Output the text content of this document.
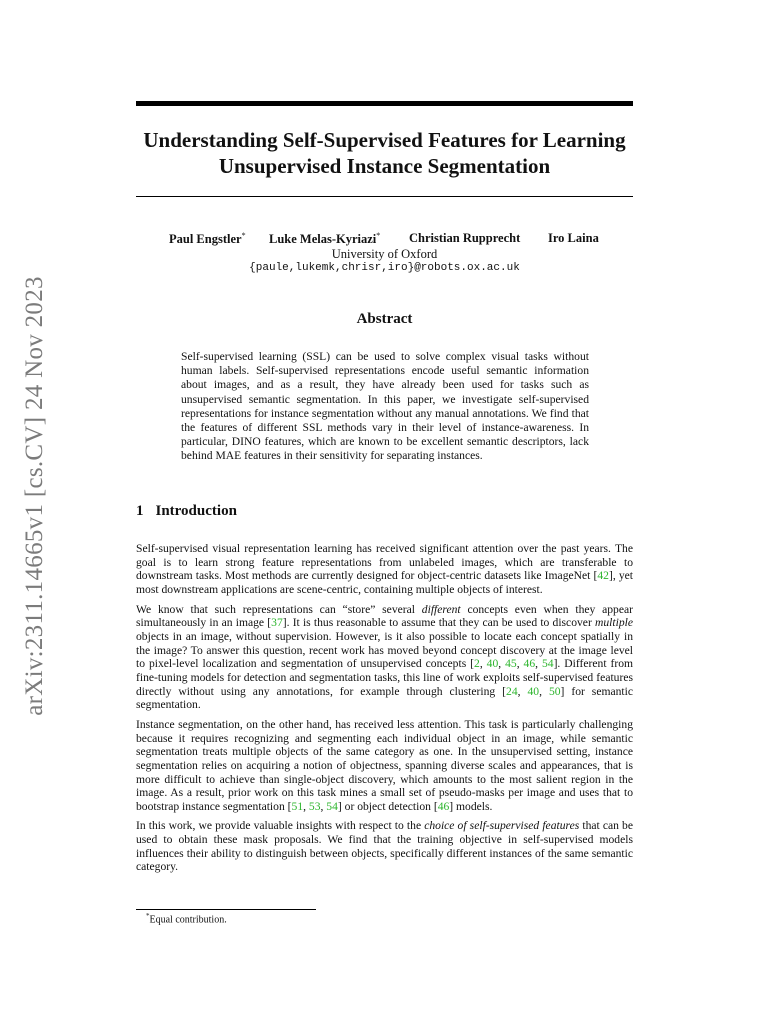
arXiv:2311.14665v1 [cs.CV] 24 Nov 2023
Understanding Self-Supervised Features for Learning Unsupervised Instance Segmentation
Paul Engstler* Luke Melas-Kyriazi* Christian Rupprecht Iro Laina
University of Oxford
{paule,lukemk,chrisr,iro}@robots.ox.ac.uk
Abstract
Self-supervised learning (SSL) can be used to solve complex visual tasks without human labels. Self-supervised representations encode useful semantic information about images, and as a result, they have already been used for tasks such as unsupervised semantic segmentation. In this paper, we investigate self-supervised representations for instance segmentation without any manual annotations. We find that the features of different SSL methods vary in their level of instance-awareness. In particular, DINO features, which are known to be excellent semantic descriptors, lack behind MAE features in their sensitivity for separating instances.
1 Introduction

Self-supervised visual representation learning has received significant attention over the past years. The goal is to learn strong feature representations from unlabeled images, which are transferable to downstream tasks. Most methods are currently designed for object-centric datasets like ImageNet [42], yet most downstream applications are scene-centric, containing multiple objects of interest.

We know that such representations can “store” several different concepts even when they appear simultaneously in an image [37]. It is thus reasonable to assume that they can be used to discover multiple objects in an image, without supervision. However, is it also possible to locate each concept spatially in the image? To answer this question, recent work has moved beyond concept discovery at the image level to pixel-level localization and segmentation of unsupervised concepts [2, 40, 45, 46, 54]. Different from fine-tuning models for detection and segmentation tasks, this line of work exploits self-supervised features directly without using any annotations, for example through clustering [24, 40, 50] for semantic segmentation.

Instance segmentation, on the other hand, has received less attention. This task is particularly challenging because it requires recognizing and segmenting each individual object in an image, while semantic segmentation treats multiple objects of the same category as one. In the unsupervised setting, instance segmentation relies on acquiring a notion of objectness, spanning diverse scales and appearances, that is more difficult to achieve than single-object discovery, which amounts to the most salient region in the image. As a result, prior work on this task mines a small set of pseudo-masks per image and uses that to bootstrap instance segmentation [51, 53, 54] or object detection [46] models.

In this work, we provide valuable insights with respect to the choice of self-supervised features that can be used to obtain these mask proposals. We find that the training objective in self-supervised models influences their ability to distinguish between objects, specifically different instances of the same semantic category.

*Equal contribution.
